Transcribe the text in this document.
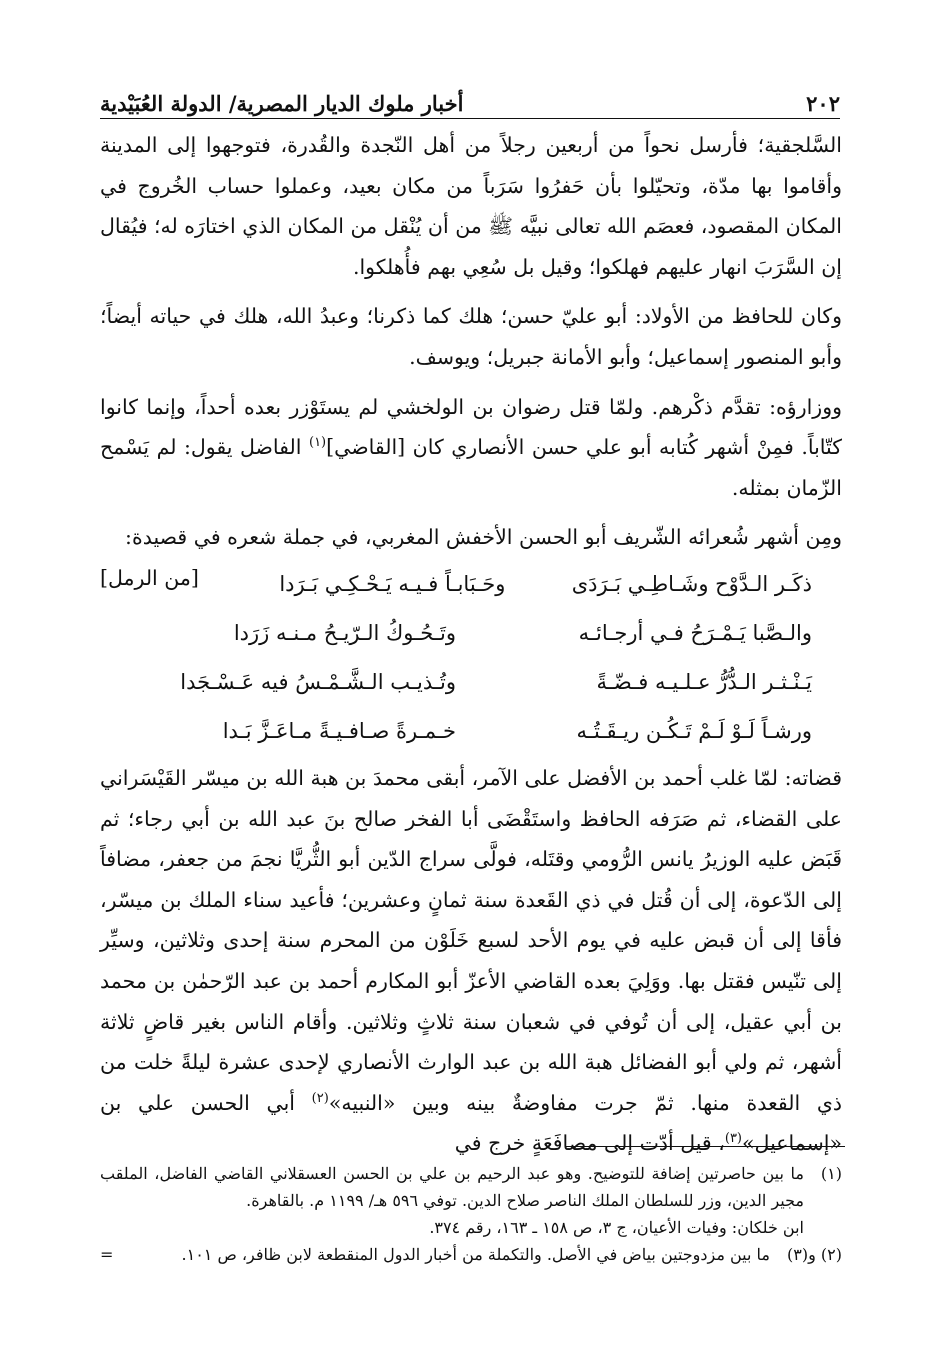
٢٠٢
أخبار ملوك الديار المصرية/ الدولة العُبَيْدية

السَّلجقية؛ فأرسل نحواً من أربعين رجلاً من أهل النّجدة والقُدرة، فتوجهوا إلى المدينة وأقاموا بها مدّة، وتحيّلوا بأن حَفرُوا سَرَباً من مكان بعيد، وعملوا حساب الخُروج في المكان المقصود، فعصَم الله تعالى نبيَّه ﷺ من أن يُنْقل من المكان الذي اختارَه له؛ فيُقال إن السَّرَبَ انهار عليهم فهلكوا؛ وقيل بل سُعِي بهم فأُهلكوا.

وكان للحافظ من الأولاد: أبو عليّ حسن؛ هلك كما ذكرنا؛ وعبدُ الله، هلك في حياته أيضاً؛ وأبو المنصور إسماعيل؛ وأبو الأمانة جبريل؛ ويوسف.

ووزارؤه: تقدَّم ذكْرهم. ولمّا قتل رضوان بن الولخشي لم يستَوْزر بعده أحداً، وإنما كانوا كتّاباً. فمِنْ أشهر كُتابه أبو علي حسن الأنصاري كان [القاضي]$^{(١)}$ الفاضل يقول: لم يَسْمح الزّمان بمثله.

ومِن أشهر شُعرائه الشّريف أبو الحسن الأخفش المغربي، في جملة شعره في قصيدة:
[من الرمل]	ذكَـر الـدَّوْح وشَـاطِـي بَـرَدَى
وحَـبَابـاً فـيـه يَـحْـكِـي بَـرَدا
والـصَّبا يَـمْـرَحُ فـي أرجـائـه
وتَـحُـوكُ الـرّيـحُ مـنـه زَرَدا
يَـنْـثـر الـدُّرُّ عـلـيـه فـضّـةً
وتُـذيـب الـشَّـمْـسُ فيه عَـسْـجَدا
ورشـاً لَـوْ لَـمْ تَـكُـن ريـقَـتُـه
خـمـرةً صـافـيـةً مـاعَـزَّ بَـدا

قضاته: لمّا غلب أحمد بن الأفضل على الآمر، أبقى محمدَ بن هبة الله بن ميسّر القَيْسَراني على القضاء، ثم صَرَفه الحافظ واستَقْضَى أبا الفخر صالح بنَ عبد الله بن أبي رجاء؛ ثم قَبَض عليه الوزيرُ يانس الرُّومي وقتَله، فولَّى سراج الدّين أبو الثُّريَّا نجمَ من جعفر، مضافاً إلى الدّعوة، إلى أن قُتل في ذي القَعدة سنة ثمانٍ وعشرين؛ فأعيد سناء الملك بن ميسّر، فأقا إلى أن قبض عليه في يوم الأحد لسبع خَلَوْن من المحرم سنة إحدى وثلاثين، وسيِّر إلى تنّيس فقتل بها. ووَلِيَ بعده القاضي الأعزّ أبو المكارم أحمد بن عبد الرّحمٰن بن محمد بن أبي عقيل، إلى أن تُوفي في شعبان سنة ثلاثٍ وثلاثين. وأقام الناس بغير قاضٍ ثلاثة أشهر، ثم ولي أبو الفضائل هبة الله بن عبد الوارث الأنصاري لإحدى عشرة ليلةً خلت من ذي القعدة منها. ثمّ جرت مفاوضةٌ بينه وبين «النبيه»$^{(٢)}$ أبي الحسن علي بن «إسماعيل»$^{(٣)}$، قيل أدّت إلى مصافَعَةٍ خرج في

(١)
ما بين حاصرتين إضافة للتوضيح. وهو عبد الرحيم بن علي بن الحسن العسقلاني القاضي الفاضل، الملقب مجير الدين، وزر للسلطان الملك الناصر صلاح الدين. توفي ٥٩٦ هـ/ ١١٩٩ م. بالقاهرة.
ابن خلكان: وفيات الأعيان، ج ٣، ص ١٥٨ ـ ١٦٣، رقم ٣٧٤.
(٢) و(٣)
ما بين مزدوجتين بياض في الأصل. والتكملة من أخبار الدول المنقطعة لابن ظافر، ص ١٠١.
=
